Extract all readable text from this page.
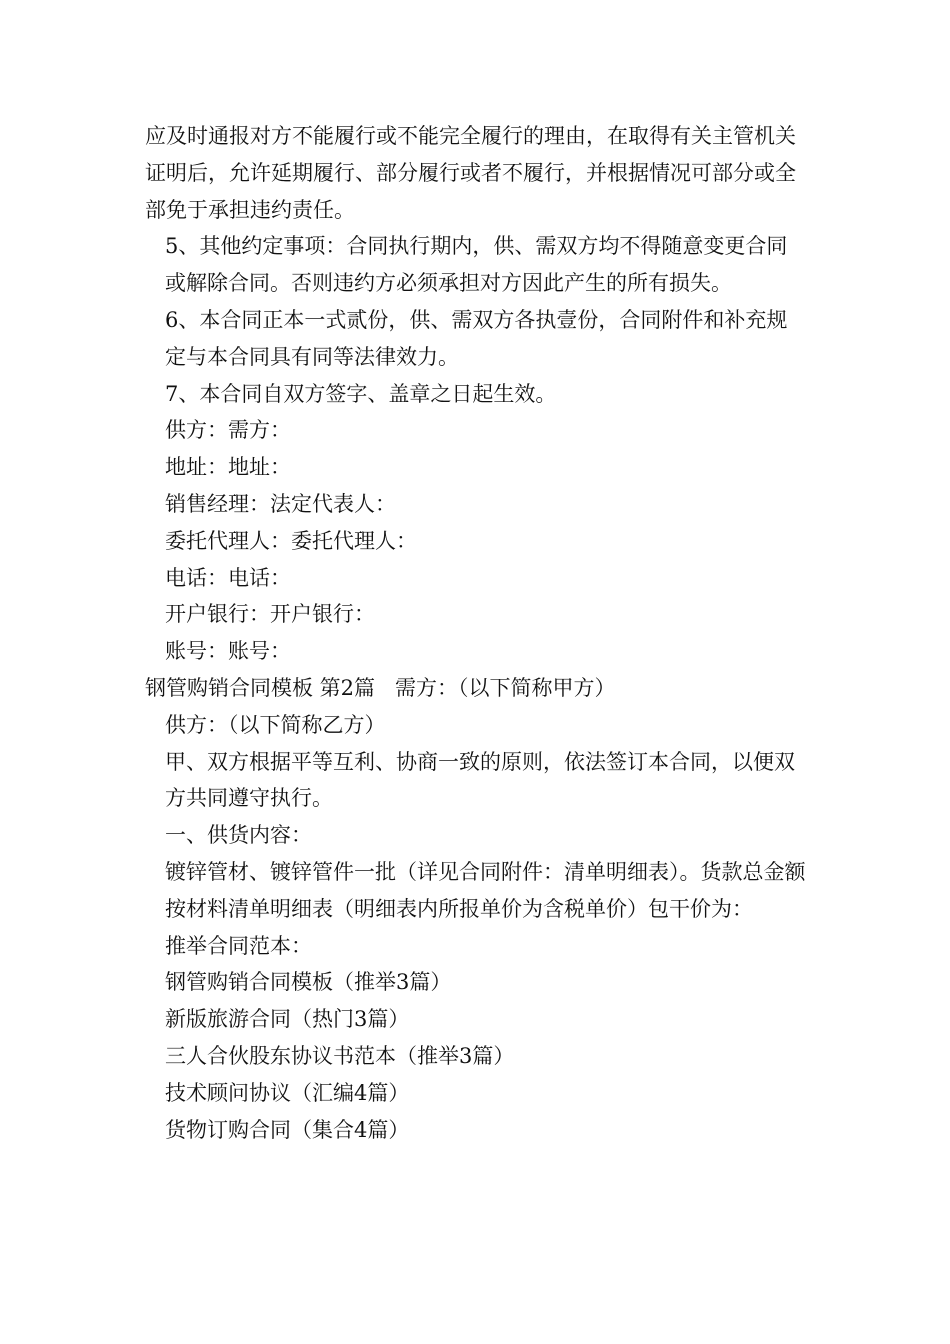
应及时通报对方不能履行或不能完全履行的理由，在取得有关主管机关证明后，允许延期履行、部分履行或者不履行，并根据情况可部分或全部免于承担违约责任。

5、其他约定事项：合同执行期内，供、需双方均不得随意变更合同或解除合同。否则违约方必须承担对方因此产生的所有损失。

6、本合同正本一式贰份，供、需双方各执壹份，合同附件和补充规定与本合同具有同等法律效力。

7、本合同自双方签字、盖章之日起生效。

供方：需方：

地址：地址：

销售经理：法定代表人：

委托代理人：委托代理人：

电话：电话：

开户银行：开户银行：

账号：账号：

钢管购销合同模板 第2篇 需方：（以下简称甲方）

供方：（以下简称乙方）

甲、双方根据平等互利、协商一致的原则，依法签订本合同，以便双方共同遵守执行。

一、供货内容：

镀锌管材、镀锌管件一批（详见合同附件：清单明细表）。货款总金额按材料清单明细表（明细表内所报单价为含税单价）包干价为：

推举合同范本：

钢管购销合同模板（推举3篇）

新版旅游合同（热门3篇）

三人合伙股东协议书范本（推举3篇）

技术顾问协议（汇编4篇）

货物订购合同（集合4篇）
